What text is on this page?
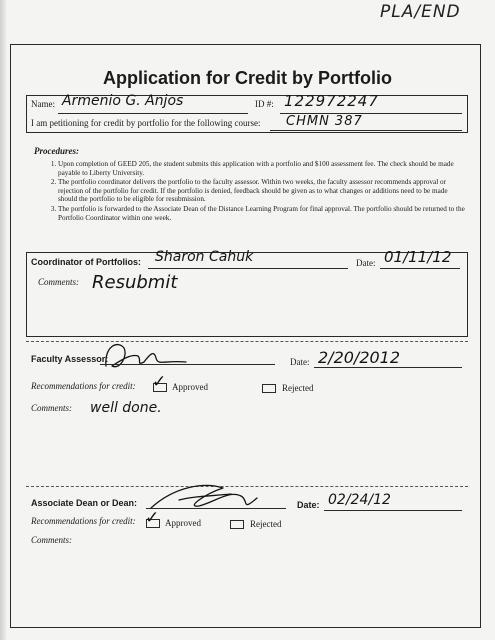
PLA/END
Application for Credit by Portfolio
Name: Armenio G. Anjos	ID #: 122972247
I am petitioning for credit by portfolio for the following course: CHMN 387
Procedures:
1. Upon completion of GEED 205, the student submits this application with a portfolio and $100 assessment fee. The check should be made payable to Liberty University.
2. The portfolio coordinator delivers the portfolio to the faculty assessor. Within two weeks, the faculty assessor recommends approval or rejection of the portfolio for credit. If the portfolio is denied, feedback should be given as to what changes or additions need to be made should the portfolio to be eligible for resubmission.
3. The portfolio is forwarded to the Associate Dean of the Distance Learning Program for final approval. The portfolio should be returned to the Portfolio Coordinator within one week.
Coordinator of Portfolios: Sharon Cahuk	Date: 01/11/12
Comments: Resubmit
Faculty Assessor:	Date: 2/20/2012
Recommendations for credit: ✓ Approved	Rejected
Comments: well done.
Associate Dean or Dean:	Date: 02/24/12
Recommendations for credit: ✓ Approved	Rejected
Comments:
